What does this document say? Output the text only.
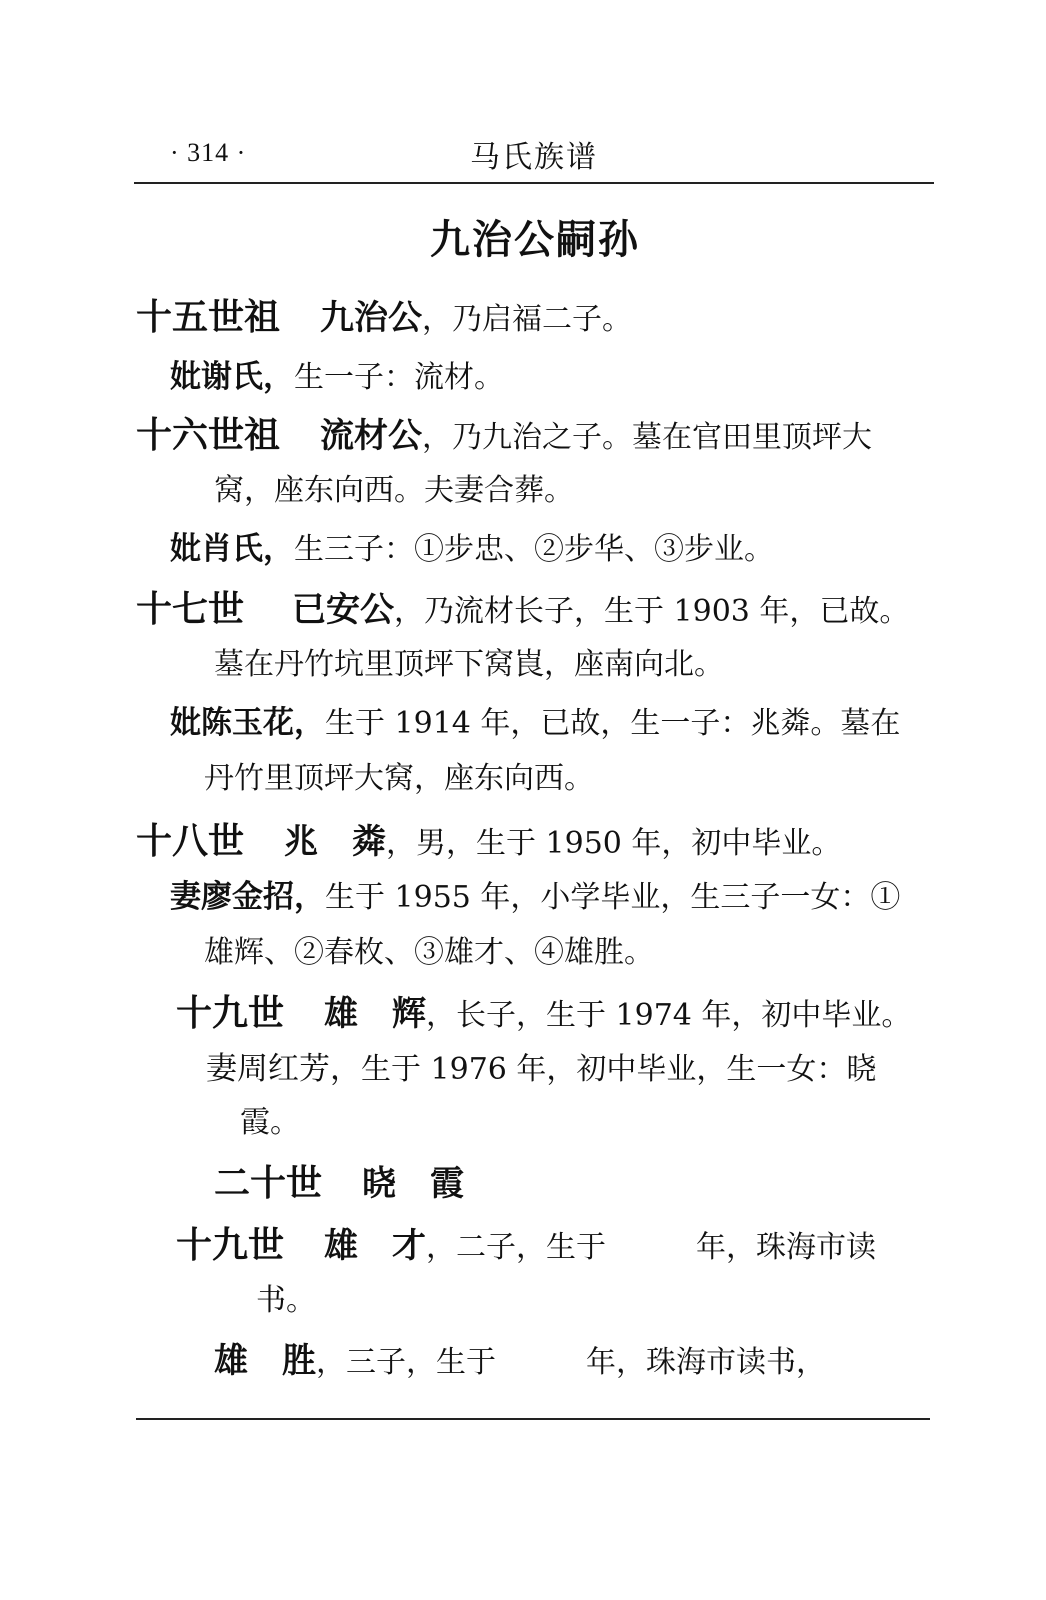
· 314 ·	马氏族谱
九治公嗣孙
十五世祖 九治公，乃启福二子。
妣谢氏，生一子：流材。
十六世祖 流材公，乃九治之子。墓在官田里顶坪大
窝，座东向西。夫妻合葬。
妣肖氏，生三子：①步忠、②步华、③步业。
十七世 已安公，乃流材长子，生于 1903 年，已故。
墓在丹竹坑里顶坪下窝崀，座南向北。
妣陈玉花，生于 1914 年，已故，生一子：兆粦。墓在
丹竹里顶坪大窝，座东向西。
十八世 兆　粦，男，生于 1950 年，初中毕业。
妻廖金招，生于 1955 年，小学毕业，生三子一女：①
雄辉、②春枚、③雄才、④雄胜。
十九世 雄　辉，长子，生于 1974 年，初中毕业。
妻周红芳，生于 1976 年，初中毕业，生一女：晓
霞。
二十世 晓　霞
十九世 雄　才，二子，生于　　　年，珠海市读
书。
雄　胜，三子，生于　　　年，珠海市读书，
